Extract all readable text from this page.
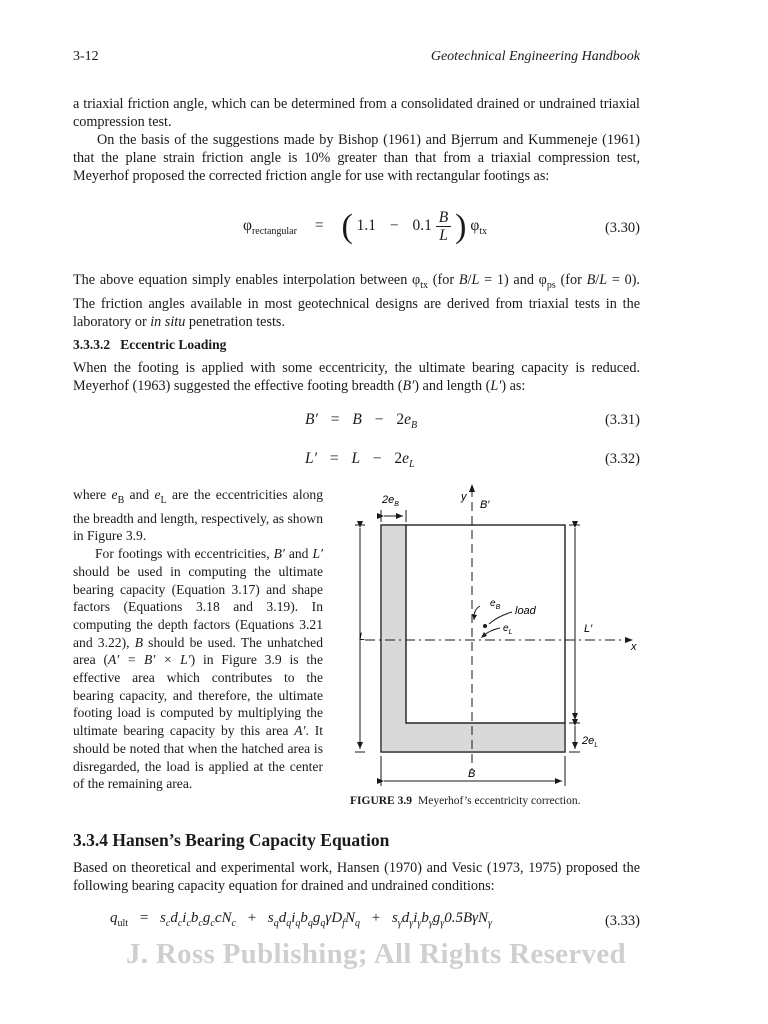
3-12	Geotechnical Engineering Handbook

a triaxial friction angle, which can be determined from a consolidated drained or undrained triaxial compression test.

On the basis of the suggestions made by Bishop (1961) and Bjerrum and Kummeneje (1961) that the plane strain friction angle is 10% greater than that from a triaxial compression test, Meyerhof proposed the corrected friction angle for use with rectangular footings as:

$\varphi_{rectangular}$ = ( $1.1 - 0.1 \frac{B}{L}$ ) $\varphi_{tx}$	(3.30)

The above equation simply enables interpolation between $\varphi_{tx}$ (for B/L = 1) and $\varphi_{ps}$ (for B/L = 0). The friction angles available in most geotechnical designs are derived from triaxial tests in the laboratory or in situ penetration tests.

3.3.3.2   Eccentric Loading

When the footing is applied with some eccentricity, the ultimate bearing capacity is reduced. Meyerhof (1963) suggested the effective footing breadth (B′) and length (L′) as:

$B' = B - 2e_B$	(3.31)
$L' = L - 2e_L$	(3.32)

where $e_B$ and $e_L$ are the eccentricities along the breadth and length, respectively, as shown in Figure 3.9.

For footings with eccentricities, B′ and L′ should be used in computing the ultimate bearing capacity (Equation 3.17) and shape factors (Equations 3.18 and 3.19). In computing the depth factors (Equations 3.21 and 3.22), B should be used. The unhatched area (A′ = B′ × L′) in Figure 3.9 is the effective area which contributes to the bearing capacity, and therefore, the ultimate footing load is computed by multiplying the ultimate bearing capacity by this area A′. It should be noted that when the hatched area is disregarded, the load is applied at the center of the remaining area.

$2e_B$
y
B′
L
L′
x
$2e_L$
B
$e_B$ load
$e_L$
FIGURE 3.9 Meyerhof’s eccentricity correction.
3.3.4 Hansen’s Bearing Capacity Equation

Based on theoretical and experimental work, Hansen (1970) and Vesic (1973, 1975) proposed the following bearing capacity equation for drained and undrained conditions:

$q_{ult} = s_cd_ci_cb_cg_ccN_c + s_qd_qi_qb_qg_q\gamma D_fN_q + s_\gamma d_\gamma i_\gamma b_\gamma g_\gamma 0.5B\gamma N_\gamma$	(3.33)
J. Ross Publishing; All Rights Reserved
